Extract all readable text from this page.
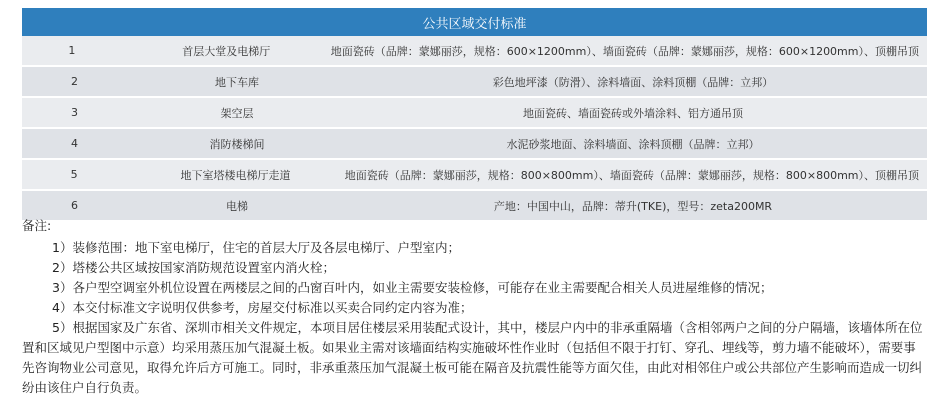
公共区域交付标准
1	首层大堂及电梯厅	地面瓷砖（品牌：蒙娜丽莎，规格：600×1200mm）、墙面瓷砖（品牌：蒙娜丽莎，规格：600×1200mm）、顶棚吊顶
2	地下车库	彩色地坪漆（防滑）、涂料墙面、涂料顶棚（品牌：立邦）
3	架空层	地面瓷砖、墙面瓷砖或外墙涂料、铝方通吊顶
4	消防楼梯间	水泥砂浆地面、涂料墙面、涂料顶棚（品牌：立邦）
5	地下室塔楼电梯厅走道	地面瓷砖（品牌：蒙娜丽莎，规格：800×800mm）、墙面瓷砖（品牌：蒙娜丽莎，规格：800×800mm）、顶棚吊顶
6	电梯	产地：中国中山，品牌：蒂升(TKE)，型号：zeta200MR

备注:

1）装修范围：地下室电梯厅，住宅的首层大厅及各层电梯厅、户型室内；

2）塔楼公共区域按国家消防规范设置室内消火栓；

3）各户型空调室外机位设置在两楼层之间的凸窗百叶内，如业主需要安装检修，可能存在业主需要配合相关人员进屋维修的情况；

4）本交付标准文字说明仅供参考，房屋交付标准以买卖合同约定内容为准；

5）根据国家及广东省、深圳市相关文件规定，本项目居住楼层采用装配式设计，其中，楼层户内中的非承重隔墙（含相邻两户之间的分户隔墙，该墙体所在位置和区域见户型图中示意）均采用蒸压加气混凝土板。如果业主需对该墙面结构实施破坏性作业时（包括但不限于打钉、穿孔、埋线等，剪力墙不能破坏），需要事先咨询物业公司意见，取得允许后方可施工。同时，非承重蒸压加气混凝土板可能在隔音及抗震性能等方面欠佳，由此对相邻住户或公共部位产生影响而造成一切纠纷由该住户自行负责。
